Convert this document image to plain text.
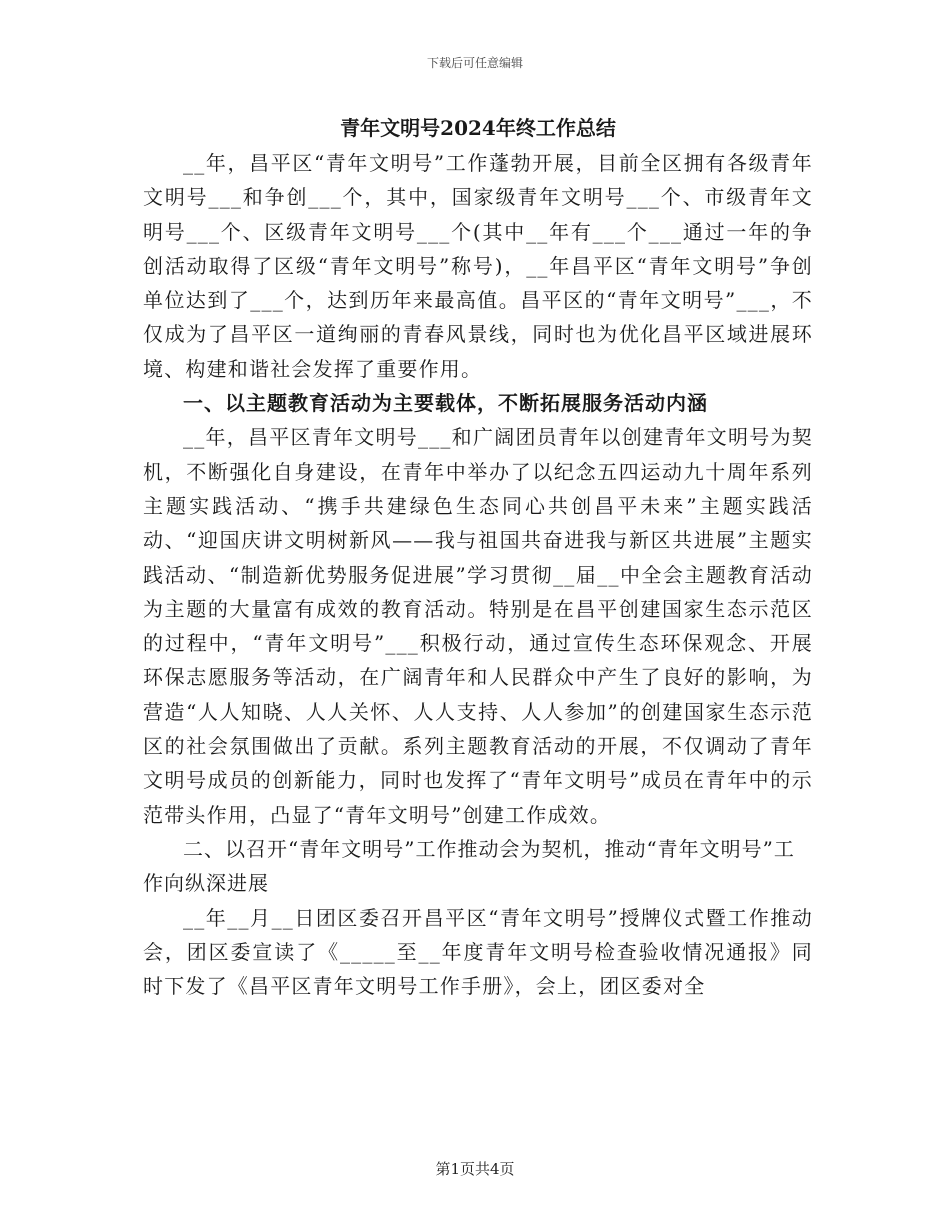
下载后可任意编辑

青年文明号2024年终工作总结

__年，昌平区“青年文明号”工作蓬勃开展，目前全区拥有各级青年文明号___和争创___个，其中，国家级青年文明号___个、市级青年文明号___个、区级青年文明号___个(其中__年有___个___通过一年的争创活动取得了区级“青年文明号”称号)，__年昌平区“青年文明号”争创单位达到了___个，达到历年来最高值。昌平区的“青年文明号”___，不仅成为了昌平区一道绚丽的青春风景线，同时也为优化昌平区域进展环境、构建和谐社会发挥了重要作用。

一、以主题教育活动为主要载体，不断拓展服务活动内涵

__年，昌平区青年文明号___和广阔团员青年以创建青年文明号为契机，不断强化自身建设，在青年中举办了以纪念五四运动九十周年系列主题实践活动、“携手共建绿色生态同心共创昌平未来”主题实践活动、“迎国庆讲文明树新风——我与祖国共奋进我与新区共进展”主题实践活动、“制造新优势服务促进展”学习贯彻__届__中全会主题教育活动为主题的大量富有成效的教育活动。特别是在昌平创建国家生态示范区的过程中，“青年文明号”___积极行动，通过宣传生态环保观念、开展环保志愿服务等活动，在广阔青年和人民群众中产生了良好的影响，为营造“人人知晓、人人关怀、人人支持、人人参加”的创建国家生态示范区的社会氛围做出了贡献。系列主题教育活动的开展，不仅调动了青年文明号成员的创新能力，同时也发挥了“青年文明号”成员在青年中的示范带头作用，凸显了“青年文明号”创建工作成效。

二、以召开“青年文明号”工作推动会为契机，推动“青年文明号”工作向纵深进展

__年__月__日团区委召开昌平区“青年文明号”授牌仪式暨工作推动会，团区委宣读了《_____至__年度青年文明号检查验收情况通报》同时下发了《昌平区青年文明号工作手册》，会上，团区委对全

第1页共4页
